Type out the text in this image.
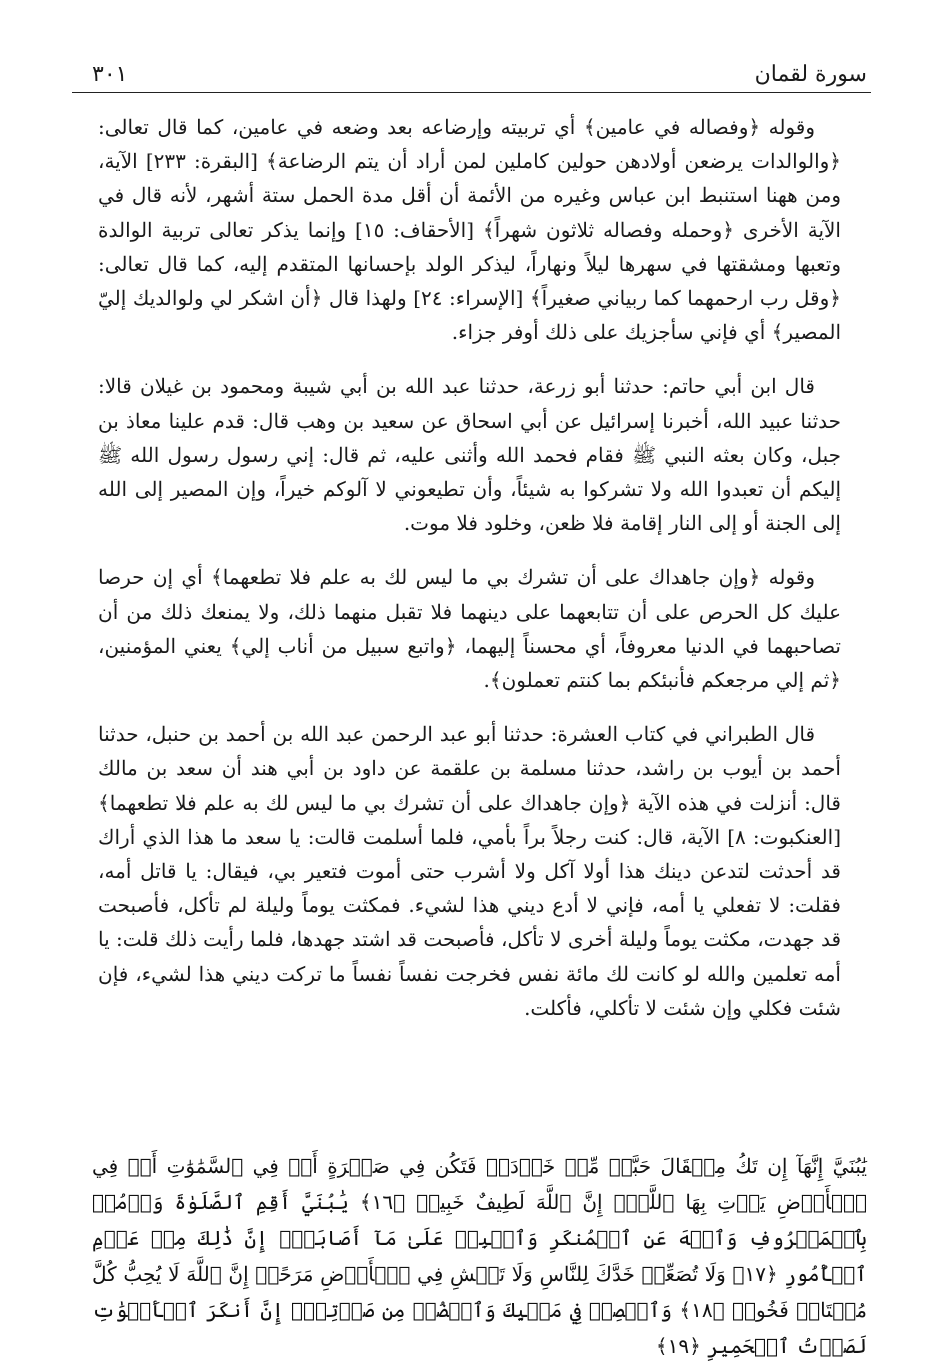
سورة لقمان
٣٠١

وقوله ﴿وفصاله في عامين﴾ أي تربيته وإرضاعه بعد وضعه في عامين، كما قال تعالى: ﴿والوالدات يرضعن أولادهن حولين كاملين لمن أراد أن يتم الرضاعة﴾ [البقرة: ٢٣٣] الآية، ومن ههنا استنبط ابن عباس وغيره من الأئمة أن أقل مدة الحمل ستة أشهر، لأنه قال في الآية الأخرى ﴿وحمله وفصاله ثلاثون شهراً﴾ [الأحقاف: ١٥] وإنما يذكر تعالى تربية الوالدة وتعبها ومشقتها في سهرها ليلاً ونهاراً، ليذكر الولد بإحسانها المتقدم إليه، كما قال تعالى: ﴿وقل رب ارحمهما كما ربياني صغيراً﴾ [الإسراء: ٢٤] ولهذا قال ﴿أن اشكر لي ولوالديك إليّ المصير﴾ أي فإني سأجزيك على ذلك أوفر جزاء.

قال ابن أبي حاتم: حدثنا أبو زرعة، حدثنا عبد الله بن أبي شيبة ومحمود بن غيلان قالا: حدثنا عبيد الله، أخبرنا إسرائيل عن أبي اسحاق عن سعيد بن وهب قال: قدم علينا معاذ بن جبل، وكان بعثه النبي ﷺ فقام فحمد الله وأثنى عليه، ثم قال: إني رسول رسول الله ﷺ إليكم أن تعبدوا الله ولا تشركوا به شيئاً، وأن تطيعوني لا آلوكم خيراً، وإن المصير إلى الله إلى الجنة أو إلى النار إقامة فلا ظعن، وخلود فلا موت.

وقوله ﴿وإن جاهداك على أن تشرك بي ما ليس لك به علم فلا تطعهما﴾ أي إن حرصا عليك كل الحرص على أن تتابعهما على دينهما فلا تقبل منهما ذلك، ولا يمنعك ذلك من أن تصاحبهما في الدنيا معروفاً، أي محسناً إليهما، ﴿واتبع سبيل من أناب إلي﴾ يعني المؤمنين، ﴿ثم إلي مرجعكم فأنبئكم بما كنتم تعملون﴾.

قال الطبراني في كتاب العشرة: حدثنا أبو عبد الرحمن عبد الله بن أحمد بن حنبل، حدثنا أحمد بن أيوب بن راشد، حدثنا مسلمة بن علقمة عن داود بن أبي هند أن سعد بن مالك قال: أنزلت في هذه الآية ﴿وإن جاهداك على أن تشرك بي ما ليس لك به علم فلا تطعهما﴾ [العنكبوت: ٨] الآية، قال: كنت رجلاً براً بأمي، فلما أسلمت قالت: يا سعد ما هذا الذي أراك قد أحدثت لتدعن دينك هذا أولا آكل ولا أشرب حتى أموت فتعير بي، فيقال: يا قاتل أمه، فقلت: لا تفعلي يا أمه، فإني لا أدع ديني هذا لشيء. فمكثت يوماً وليلة لم تأكل، فأصبحت قد جهدت، مكثت يوماً وليلة أخرى لا تأكل، فأصبحت قد اشتد جهدها، فلما رأيت ذلك قلت: يا أمه تعلمين والله لو كانت لك مائة نفس فخرجت نفساً نفساً ما تركت ديني هذا لشيء، فإن شئت فكلي وإن شئت لا تأكلي، فأكلت.

يَٰبُنَيَّ إِنَّهَآ إِن تَكُ مِثۡقَالَ حَبَّةٖ مِّنۡ خَرۡدَلٖ فَتَكُن فِي صَخۡرَةٍ أَوۡ فِي ٱلسَّمَٰوَٰتِ أَوۡ فِي ٱلۡأَرۡضِ يَأۡتِ بِهَا ٱللَّهُۚ إِنَّ ٱللَّهَ لَطِيفٌ خَبِيرٞ ﴿١٦﴾ يَٰبُنَيَّ أَقِمِ ٱلصَّلَوٰةَ وَأۡمُرۡ بِٱلۡمَعۡرُوفِ وَٱنۡهَ عَنِ ٱلۡمُنكَرِ وَٱصۡبِرۡ عَلَىٰ مَآ أَصَابَكَۖ إِنَّ ذَٰلِكَ مِنۡ عَزۡمِ ٱلۡأُمُورِ ﴿١٧﴾ وَلَا تُصَعِّرۡ خَدَّكَ لِلنَّاسِ وَلَا تَمۡشِ فِي ٱلۡأَرۡضِ مَرَحًاۖ إِنَّ ٱللَّهَ لَا يُحِبُّ كُلَّ مُخۡتَالٖ فَخُورٖ ﴿١٨﴾ وَٱقۡصِدۡ فِي مَشۡيِكَ وَٱغۡضُضۡ مِن صَوۡتِكَۚ إِنَّ أَنكَرَ ٱلۡأَصۡوَٰتِ لَصَوۡتُ ٱلۡحَمِيرِ ﴿١٩﴾
